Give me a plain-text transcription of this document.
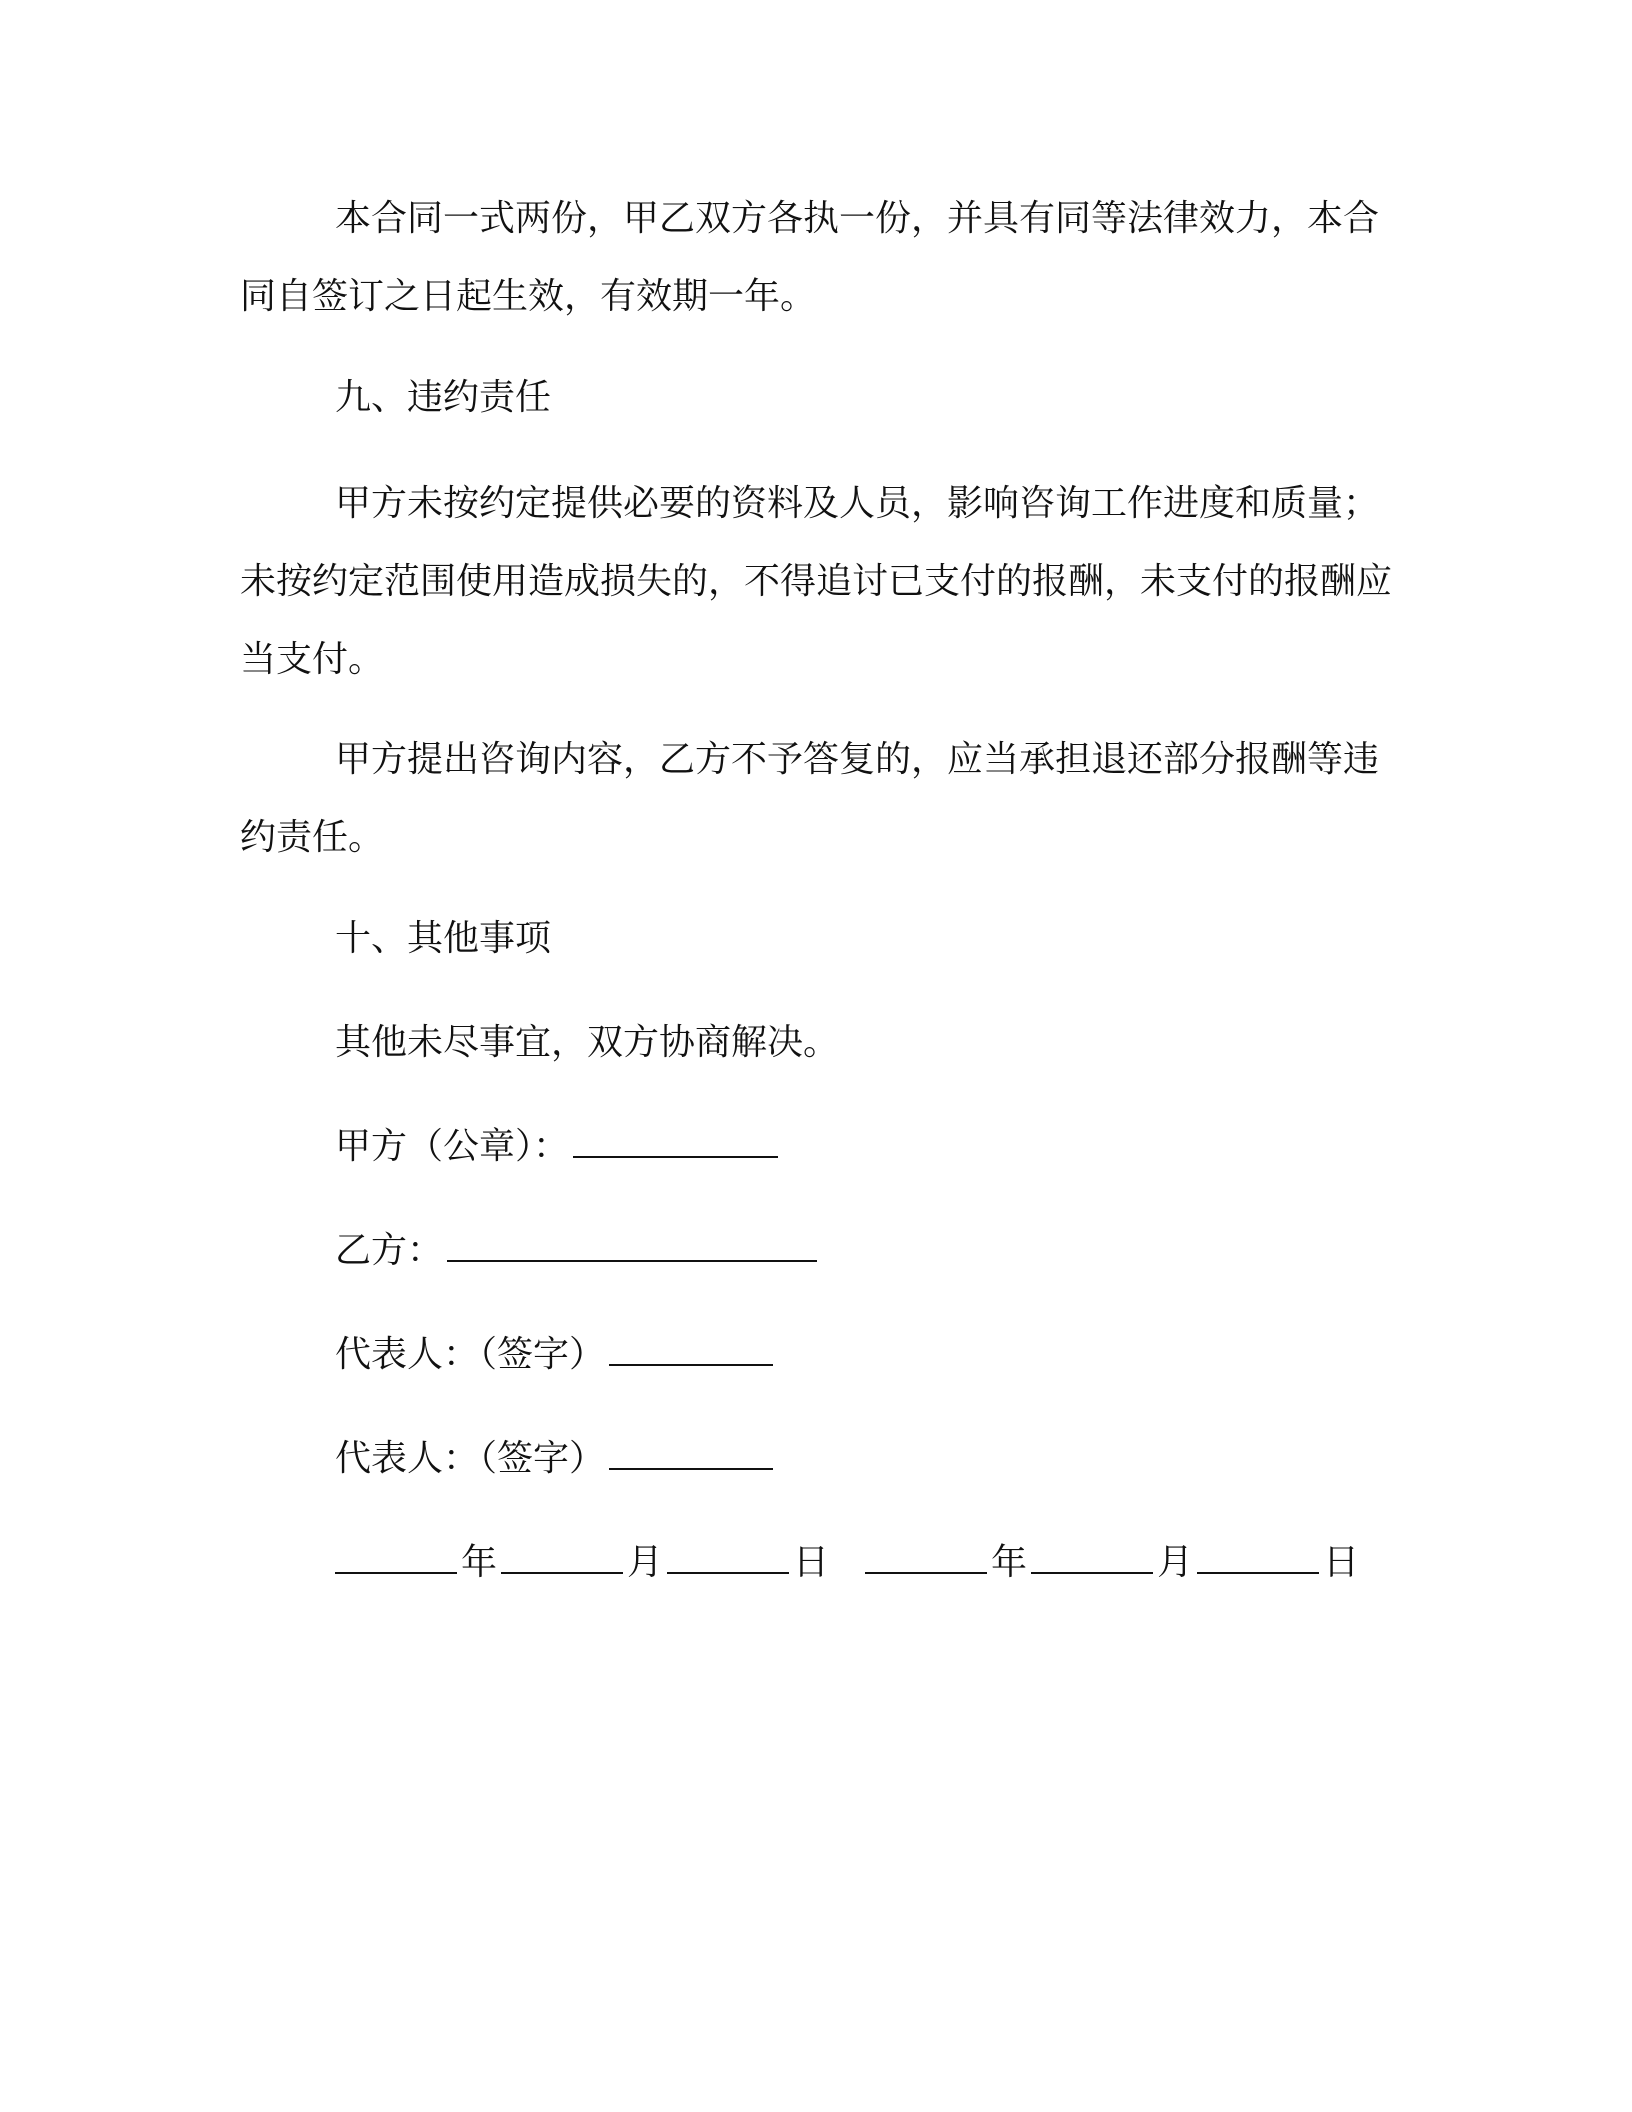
本合同一式两份，甲乙双方各执一份，并具有同等法律效力，本合同自签订之日起生效，有效期一年。

九、违约责任

甲方未按约定提供必要的资料及人员，影响咨询工作进度和质量；未按约定范围使用造成损失的，不得追讨已支付的报酬，未支付的报酬应当支付。

甲方提出咨询内容，乙方不予答复的，应当承担退还部分报酬等违约责任。

十、其他事项

其他未尽事宜，双方协商解决。

甲方（公章）：
乙方：
代表人：（签字）
代表人：（签字）
年	月	日	年	月	日
